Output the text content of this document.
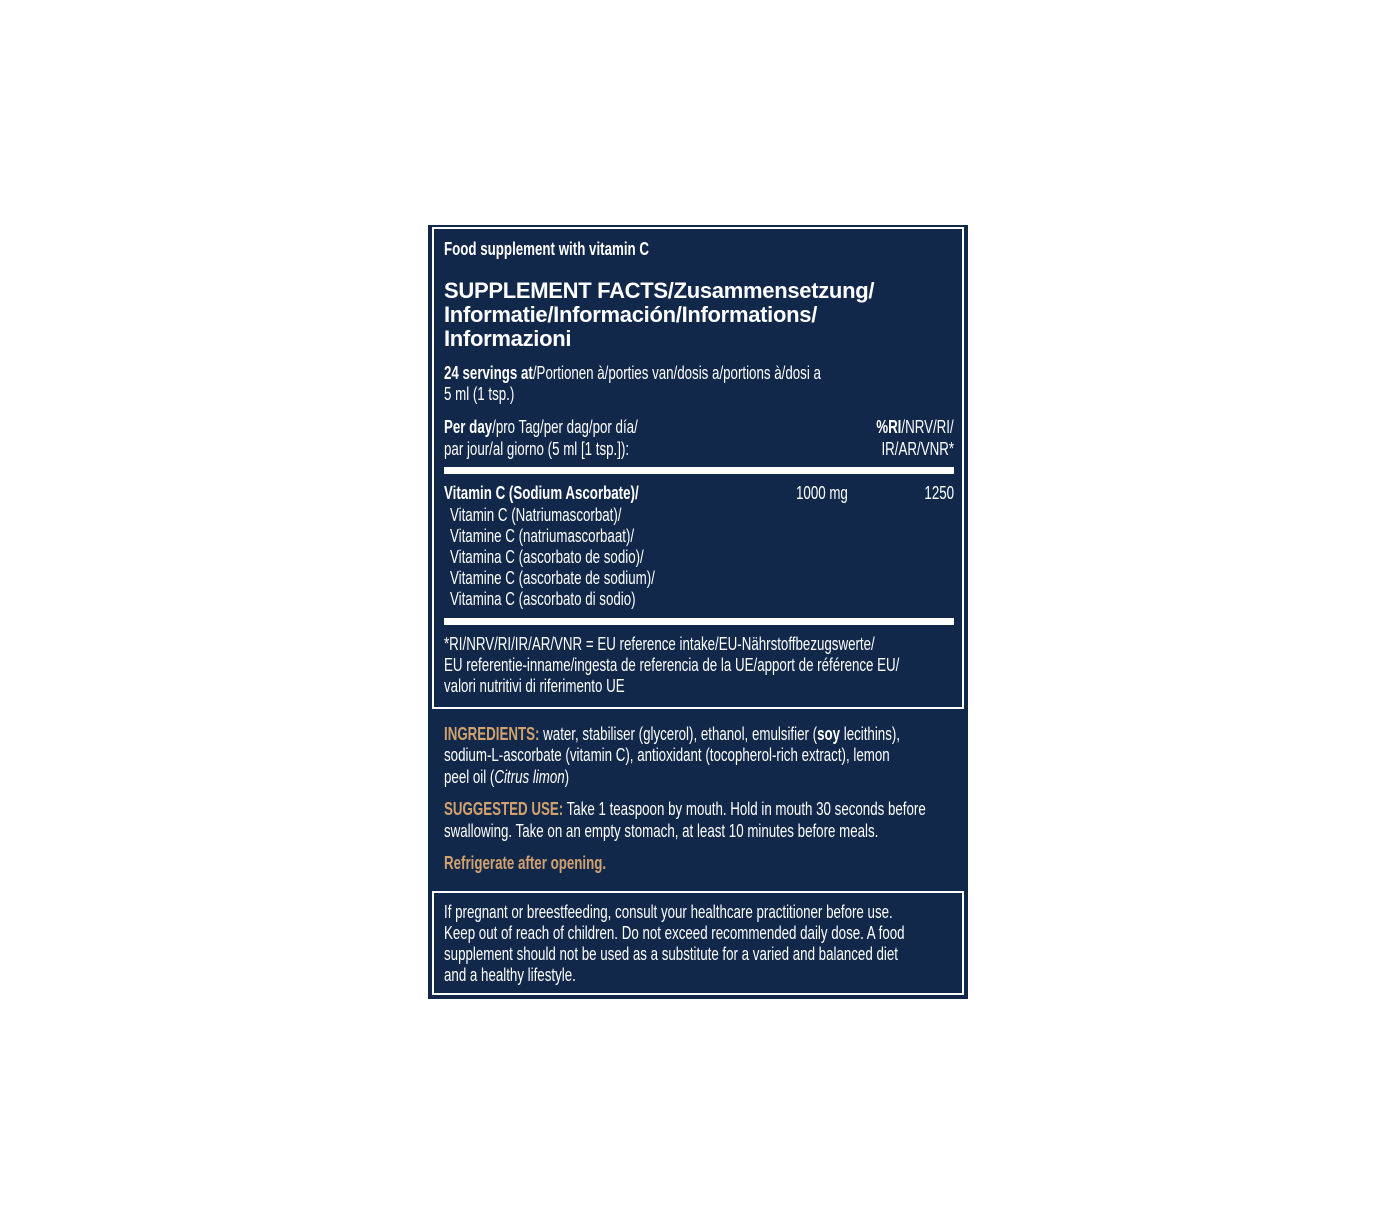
Food supplement with vitamin C
SUPPLEMENT FACTS/Zusammensetzung/
Informatie/Información/Informations/
Informazioni
24 servings at/Portionen à/porties van/dosis a/portions à/dosi a
5 ml (1 tsp.)
Per day/pro Tag/per dag/por día/
par jour/al giorno (5 ml [1 tsp.]):
%RI/NRV/RI/
IR/AR/VNR*
Vitamin C (Sodium Ascorbate)/	1000 mg	1250
Vitamin C (Natriumascorbat)/
Vitamine C (natriumascorbaat)/
Vitamina C (ascorbato de sodio)/
Vitamine C (ascorbate de sodium)/
Vitamina C (ascorbato di sodio)
*RI/NRV/RI/IR/AR/VNR = EU reference intake/EU-Nährstoffbezugswerte/
EU referentie-inname/ingesta de referencia de la UE/apport de référence EU/
valori nutritivi di riferimento UE
INGREDIENTS: water, stabiliser (glycerol), ethanol, emulsifier (soy lecithins),
sodium-L-ascorbate (vitamin C), antioxidant (tocopherol-rich extract), lemon
peel oil (Citrus limon)
SUGGESTED USE: Take 1 teaspoon by mouth. Hold in mouth 30 seconds before
swallowing. Take on an empty stomach, at least 10 minutes before meals.
Refrigerate after opening.
If pregnant or breestfeeding, consult your healthcare practitioner before use.
Keep out of reach of children. Do not exceed recommended daily dose. A food
supplement should not be used as a substitute for a varied and balanced diet
and a healthy lifestyle.
